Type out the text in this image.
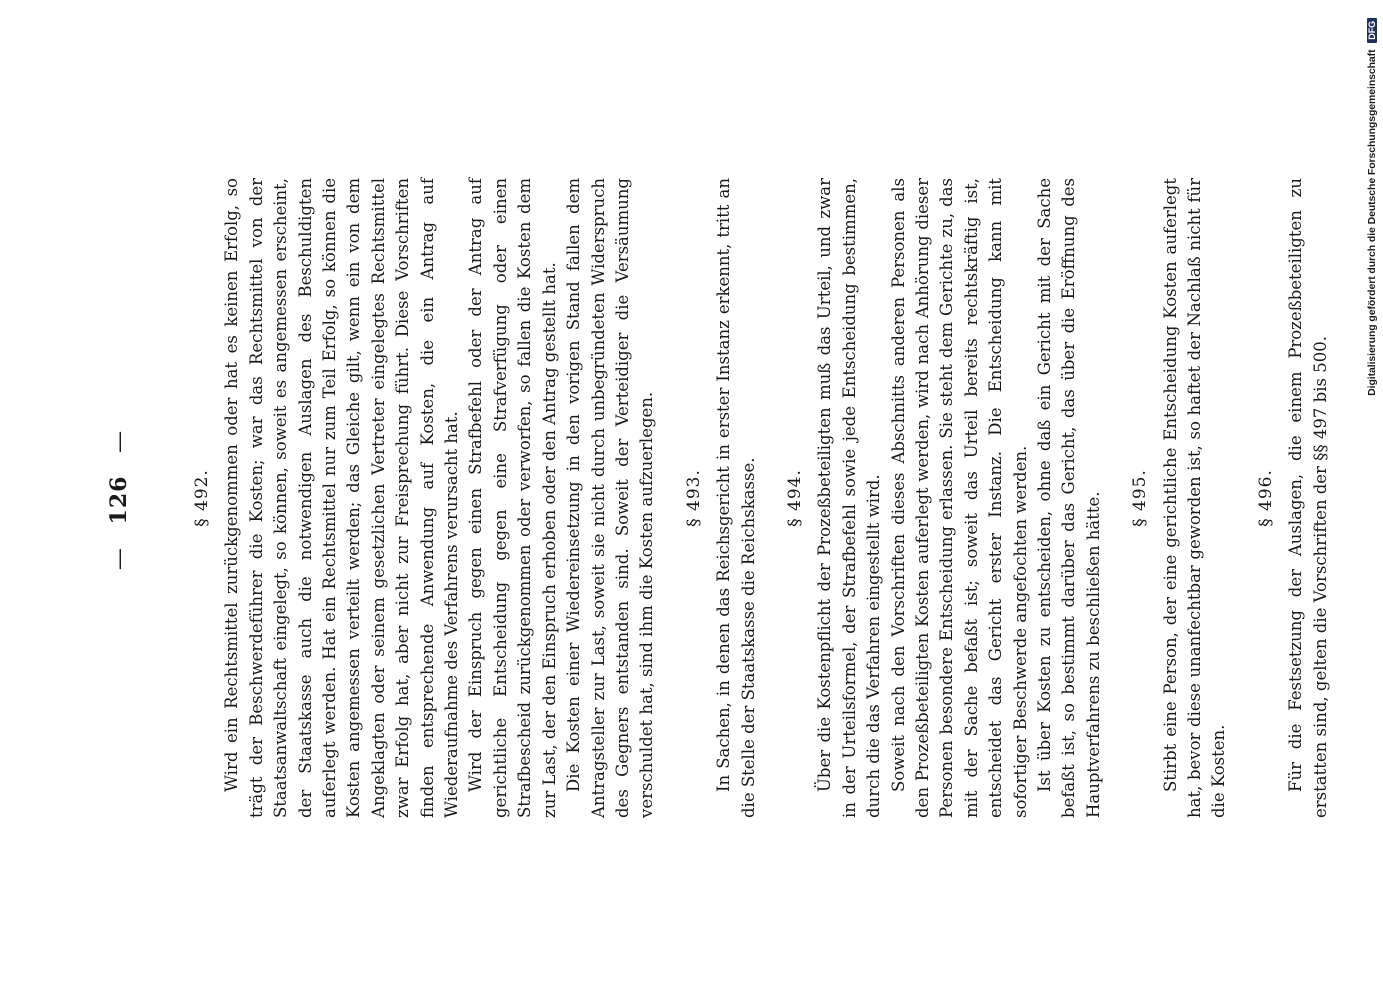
— 126 —
§ 492. Wird ein Rechtsmittel zurückgenommen oder hat es keinen Erfolg, so trägt der Beschwerdeführer die Kosten; war das Rechtsmittel von der Staatsanwaltschaft eingelegt, so können, soweit es angemessen erscheint, der Staatskasse auch die notwendigen Auslagen des Beschuldigten auferlegt werden. Hat ein Rechtsmittel nur zum Teil Erfolg, so können die Kosten angemessen verteilt werden; das Gleiche gilt, wenn ein von dem Angeklagten oder seinem gesetzlichen Vertreter eingelegtes Rechtsmittel zwar Erfolg hat, aber nicht zur Freisprechung führt. Diese Vorschriften finden entsprechende Anwendung auf Kosten, die ein Antrag auf Wiederaufnahme des Verfahrens verursacht hat. Wird der Einspruch gegen einen Strafbefehl oder der Antrag auf gerichtliche Entscheidung gegen eine Strafverfügung oder einen Strafbescheid zurückgenommen oder verworfen, so fallen die Kosten dem zur Last, der den Einspruch erhoben oder den Antrag gestellt hat. Die Kosten einer Wiedereinsetzung in den vorigen Stand fallen dem Antragsteller zur Last, soweit sie nicht durch unbegründeten Widerspruch des Gegners entstanden sind. Soweit der Verteidiger die Versäumung verschuldet hat, sind ihm die Kosten aufzuerlegen. § 493. In Sachen, in denen das Reichsgericht in erster Instanz erkennt, tritt an die Stelle der Staatskasse die Reichskasse. § 494. Über die Kostenpflicht der Prozeßbeteiligten muß das Urteil, und zwar in der Urteilsformel, der Strafbefehl sowie jede Entscheidung bestimmen, durch die das Verfahren eingestellt wird. Soweit nach den Vorschriften dieses Abschnitts anderen Personen als den Prozeßbeteiligten Kosten auferlegt werden, wird nach Anhörung dieser Personen besondere Entscheidung erlassen. Sie steht dem Gerichte zu, das mit der Sache befaßt ist; soweit das Urteil bereits rechtskräftig ist, entscheidet das Gericht erster Instanz. Die Entscheidung kann mit sofortiger Beschwerde angefochten werden. Ist über Kosten zu entscheiden, ohne daß ein Gericht mit der Sache befaßt ist, so bestimmt darüber das Gericht, das über die Eröffnung des Hauptverfahrens zu beschließen hätte. § 495. Stirbt eine Person, der eine gerichtliche Entscheidung Kosten auferlegt hat, bevor diese unanfechtbar geworden ist, so haftet der Nachlaß nicht für die Kosten.

§ 496. Für die Festsetzung der Auslagen, die einem Prozeßbeteiligten zu erstatten sind, gelten die Vorschriften der §§ 497 bis 500.

Digitalisierung gefördert durch die Deutsche Forschungsgemeinschaft DFG
